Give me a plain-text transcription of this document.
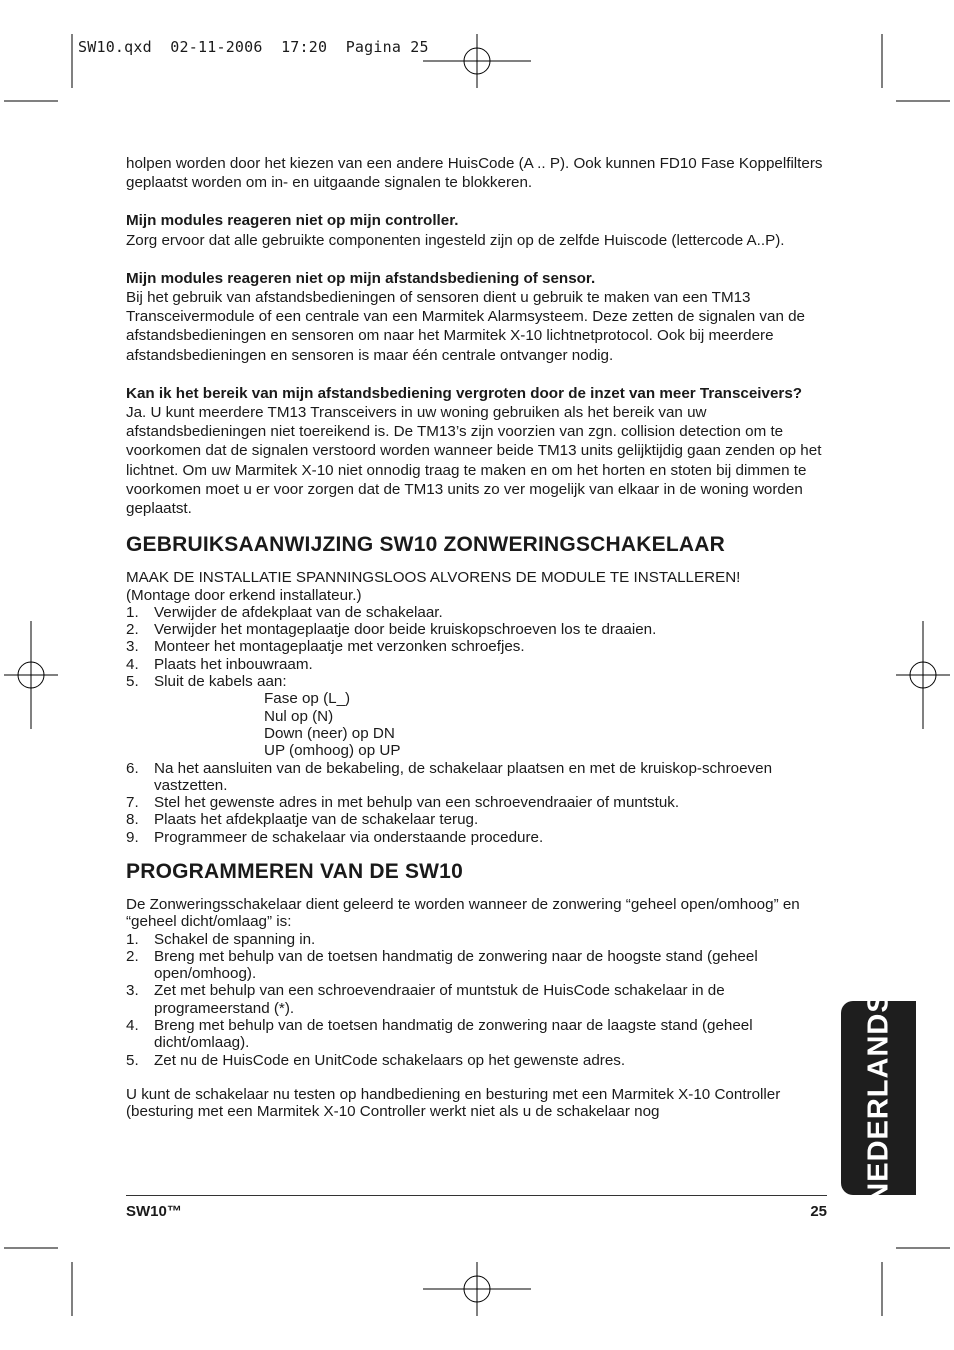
SW10.qxd  02-11-2006  17:20  Pagina 25

holpen worden door het kiezen van een andere HuisCode (A .. P). Ook kunnen FD10 Fase Koppelfilters geplaatst worden om in- en uitgaande signalen te blokkeren.

Mijn modules reageren niet op mijn controller.

Zorg ervoor dat alle gebruikte componenten ingesteld zijn op de zelfde Huiscode (lettercode A..P).

Mijn modules reageren niet op mijn afstandsbediening of sensor.

Bij het gebruik van afstandsbedieningen of sensoren dient u gebruik te maken van een TM13 Transceivermodule of een centrale van een Marmitek Alarmsysteem. Deze zetten de signalen van de afstandsbedieningen en sensoren om naar het Marmitek X-10 lichtnetprotocol. Ook bij meerdere afstandsbedieningen en sensoren is maar één centrale ontvanger nodig.

Kan ik het bereik van mijn afstandsbediening vergroten door de inzet van meer Transceivers?

Ja. U kunt meerdere TM13 Transceivers in uw woning gebruiken als het bereik van uw afstandsbedieningen niet toereikend is. De TM13’s zijn voorzien van zgn. collision detection om te voorkomen dat de signalen verstoord worden wanneer beide TM13 units gelijktijdig gaan zenden op het lichtnet. Om uw Marmitek X-10 niet onnodig traag te maken en om het horten en stoten bij dimmen te voorkomen moet u er voor zorgen dat de TM13 units zo ver mogelijk van elkaar in de woning worden geplaatst.

GEBRUIKSAANWIJZING SW10 ZONWERINGSCHAKELAAR

MAAK DE INSTALLATIE SPANNINGSLOOS ALVORENS DE MODULE TE INSTALLEREN!

(Montage door erkend installateur.)

1. Verwijder de afdekplaat van de schakelaar.
2. Verwijder het montageplaatje door beide kruiskopschroeven los te draaien.
3. Monteer het montageplaatje met verzonken schroefjes.
4. Plaats het inbouwraam.
5. Sluit de kabels aan:
Fase op (L_)
Nul op (N)
Down (neer) op DN
UP (omhoog) op UP
6. Na het aansluiten van de bekabeling, de schakelaar plaatsen en met de kruiskop-schroeven vastzetten.
7. Stel het gewenste adres in met behulp van een schroevendraaier of muntstuk.
8. Plaats het afdekplaatje van de schakelaar terug.
9. Programmeer de schakelaar via onderstaande procedure.
PROGRAMMEREN VAN DE SW10

De Zonweringsschakelaar dient geleerd te worden wanneer de zonwering “geheel open/omhoog” en “geheel dicht/omlaag” is:

1. Schakel de spanning in.
2. Breng met behulp van de toetsen handmatig de zonwering naar de hoogste stand (geheel open/omhoog).
3. Zet met behulp van een schroevendraaier of muntstuk de HuisCode schakelaar in de programeerstand (*).
4. Breng met behulp van de toetsen handmatig de zonwering naar de laagste stand (geheel dicht/omlaag).
5. Zet nu de HuisCode en UnitCode schakelaars op het gewenste adres.

U kunt de schakelaar nu testen op handbediening en besturing met een Marmitek X-10 Controller (besturing met een Marmitek X-10 Controller werkt niet als u de schakelaar nog

SW10™	25
NEDERLANDS
